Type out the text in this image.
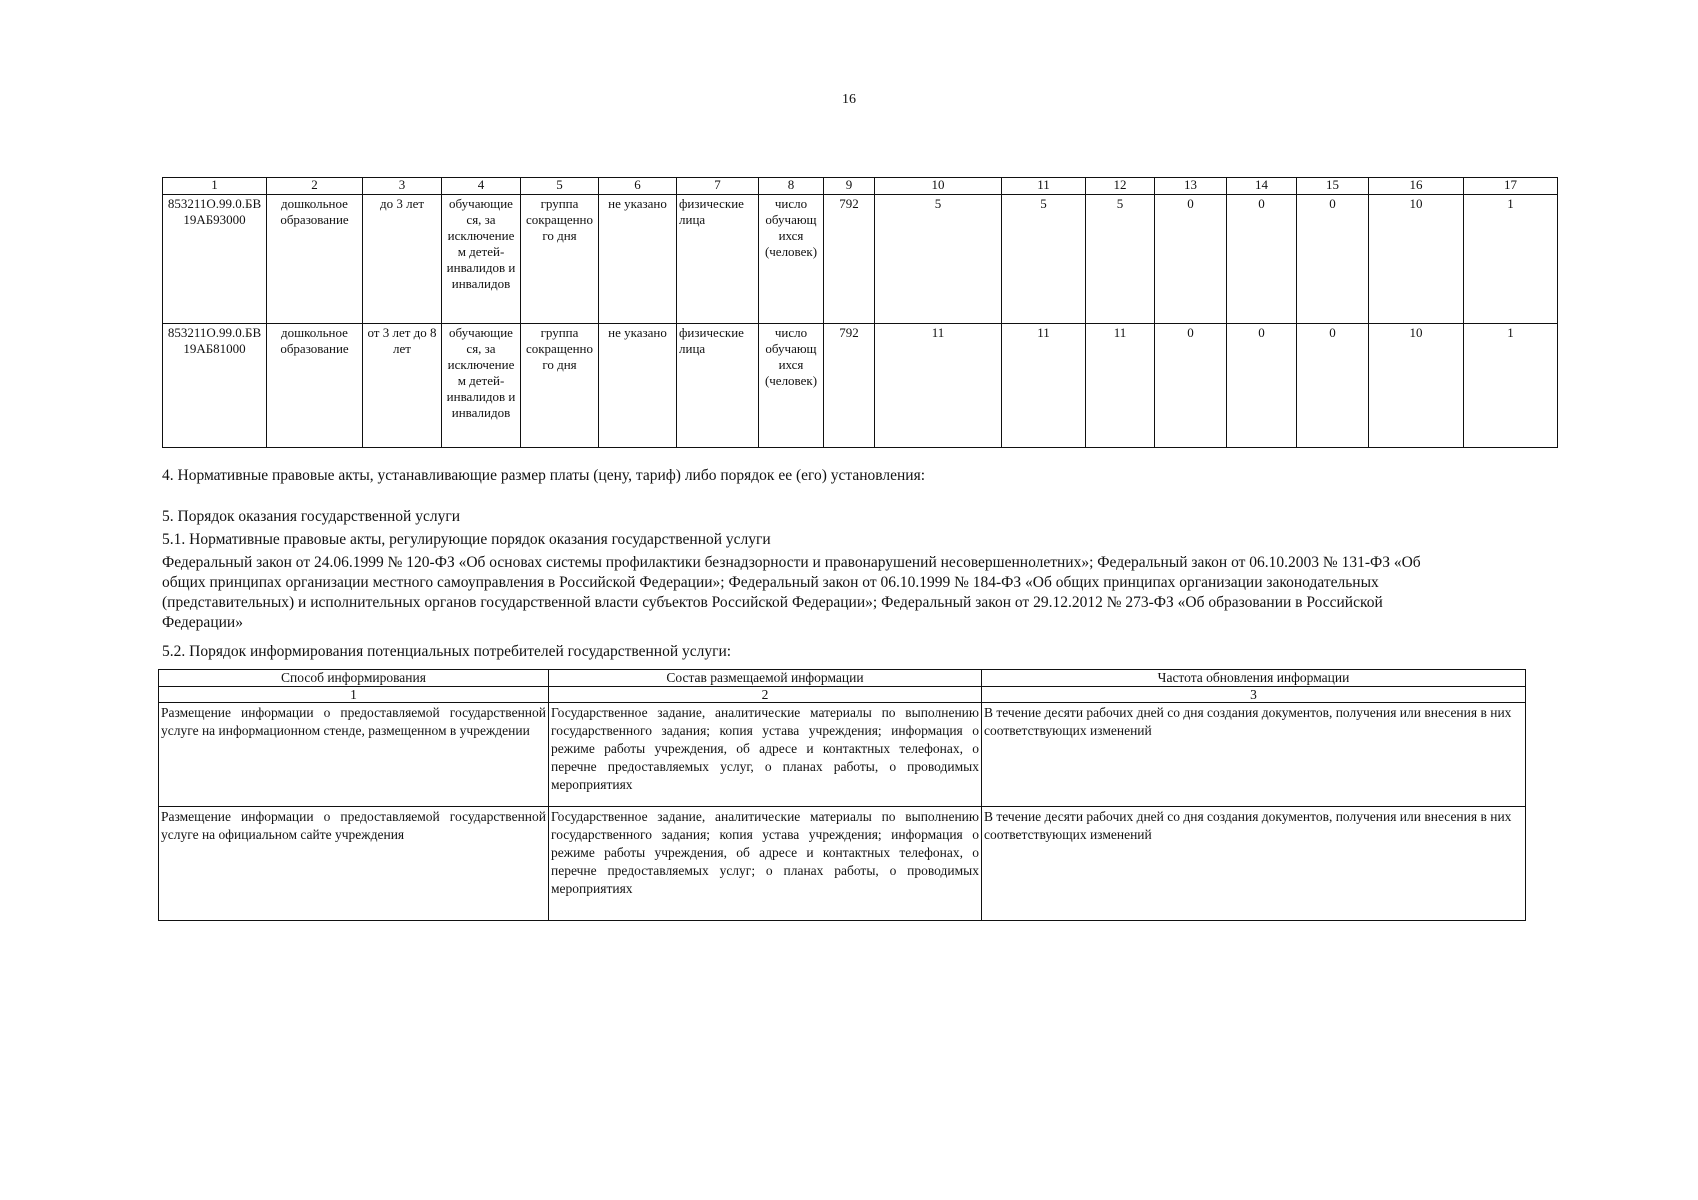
16
1	2	3	4	5	6	7	8	9	10	11	12	13	14	15	16	17
853211О.99.0.БВ19АБ93000	дошкольное образование	до 3 лет	обучающие ся, за исключение м детей-инвалидов и инвалидов	группа сокращенно го дня	не указано	физические лица	число обучающ ихся (человек)	792	5	5	5	0	0	0	10	1
853211О.99.0.БВ19АБ81000	дошкольное образование	от 3 лет до 8 лет	обучающие ся, за исключение м детей-инвалидов и инвалидов	группа сокращенно го дня	не указано	физические лица	число обучающ ихся (человек)	792	11	11	11	0	0	0	10	1
4. Нормативные правовые акты, устанавливающие размер платы (цену, тариф) либо порядок ее (его) установления:
5. Порядок оказания государственной услуги
5.1. Нормативные правовые акты, регулирующие порядок оказания государственной услуги
Федеральный закон от 24.06.1999 № 120-ФЗ «Об основах системы профилактики безнадзорности и правонарушений несовершеннолетних»; Федеральный закон от 06.10.2003 № 131-ФЗ «Об общих принципах организации местного самоуправления в Российской Федерации»; Федеральный закон от 06.10.1999 № 184-ФЗ «Об общих принципах организации законодательных (представительных) и исполнительных органов государственной власти субъектов Российской Федерации»; Федеральный закон от 29.12.2012 № 273-ФЗ «Об образовании в Российской Федерации»
5.2. Порядок информирования потенциальных потребителей государственной услуги:
Способ информирования	Состав размещаемой информации	Частота обновления информации
1	2	3
Размещение информации о предоставляемой государственной услуге на информационном стенде, размещенном в учреждении	Государственное задание, аналитические материалы по выполнению государственного задания; копия устава учреждения; информация о режиме работы учреждения, об адресе и контактных телефонах, о перечне предоставляемых услуг, о планах работы, о проводимых мероприятиях	В течение десяти рабочих дней со дня создания документов, получения или внесения в них соответствующих изменений
Размещение информации о предоставляемой государственной услуге на официальном сайте учреждения	Государственное задание, аналитические материалы по выполнению государственного задания; копия устава учреждения; информация о режиме работы учреждения, об адресе и контактных телефонах, о перечне предоставляемых услуг; о планах работы, о проводимых мероприятиях	В течение десяти рабочих дней со дня создания документов, получения или внесения в них соответствующих изменений
